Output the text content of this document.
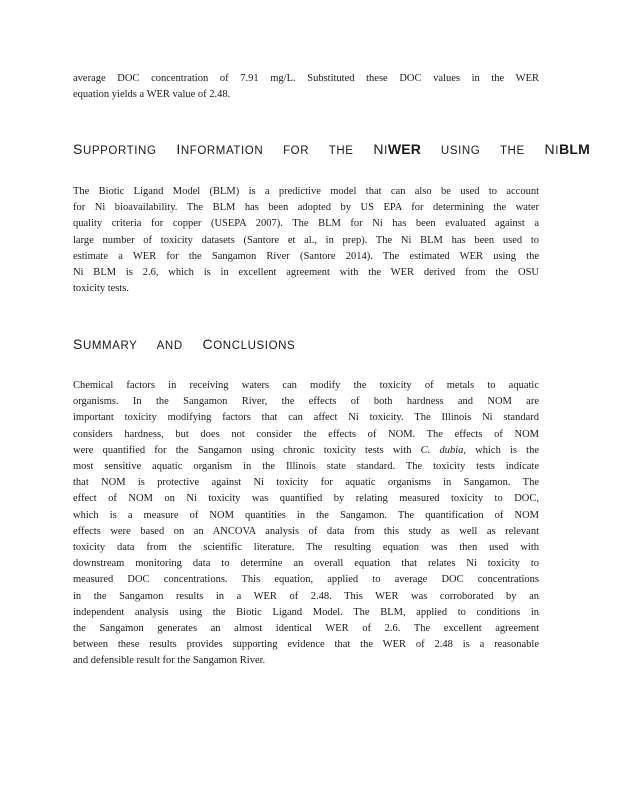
average DOC concentration of 7.91 mg/L. Substituted these DOC values in the WER
equation yields a WER value of 2.48.

SUPPORTING INFORMATION FOR THE NIWER USING THE NIBLM

The Biotic Ligand Model (BLM) is a predictive model that can also be used to account
for Ni bioavailability. The BLM has been adopted by US EPA for determining the water
quality criteria for copper (USEPA 2007). The BLM for Ni has been evaluated against a
large number of toxicity datasets (Santore et al., in prep). The Ni BLM has been used to
estimate a WER for the Sangamon River (Santore 2014). The estimated WER using the
Ni BLM is 2.6, which is in excellent agreement with the WER derived from the OSU
toxicity tests.

SUMMARY AND CONCLUSIONS

Chemical factors in receiving waters can modify the toxicity of metals to aquatic
organisms. In the Sangamon River, the effects of both hardness and NOM are
important toxicity modifying factors that can affect Ni toxicity. The Illinois Ni standard
considers hardness, but does not consider the effects of NOM. The effects of NOM
were quantified for the Sangamon using chronic toxicity tests with C. dubia, which is the
most sensitive aquatic organism in the Illinois state standard. The toxicity tests indicate
that NOM is protective against Ni toxicity for aquatic organisms in Sangamon. The
effect of NOM on Ni toxicity was quantified by relating measured toxicity to DOC,
which is a measure of NOM quantities in the Sangamon. The quantification of NOM
effects were based on an ANCOVA analysis of data from this study as well as relevant
toxicity data from the scientific literature. The resulting equation was then used with
downstream monitoring data to determine an overall equation that relates Ni toxicity to
measured DOC concentrations. This equation, applied to average DOC concentrations
in the Sangamon results in a WER of 2.48. This WER was corroborated by an
independent analysis using the Biotic Ligand Model. The BLM, applied to conditions in
the Sangamon generates an almost identical WER of 2.6. The excellent agreement
between these results provides supporting evidence that the WER of 2.48 is a reasonable
and defensible result for the Sangamon River.
